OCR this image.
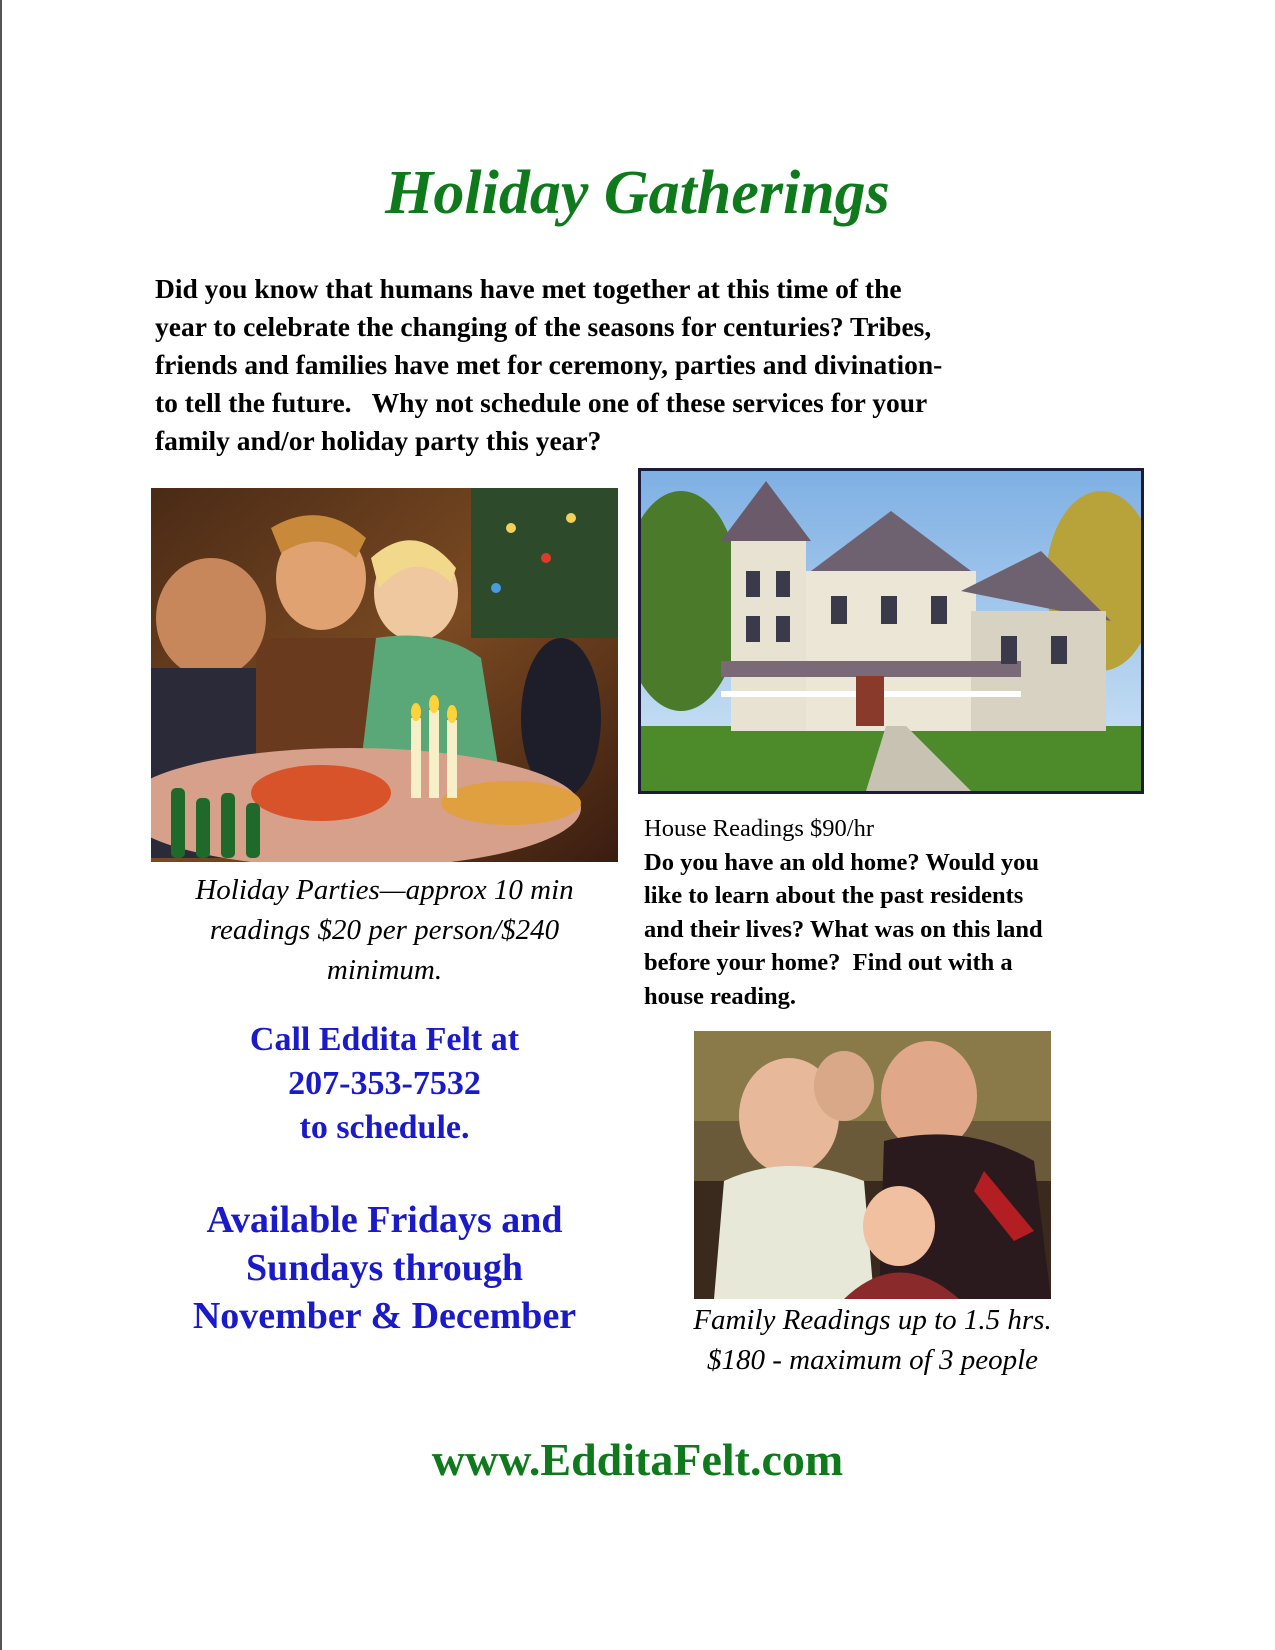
Holiday Gatherings
Did you know that humans have met together at this time of the
year to celebrate the changing of the seasons for centuries? Tribes,
friends and families have met for ceremony, parties and divination-
to tell the future.   Why not schedule one of these services for your
family and/or holiday party this year?
Holiday Parties—approx 10 min
readings $20 per person/$240
minimum.
House Readings $90/hr
Do you have an old home? Would you
like to learn about the past residents
and their lives? What was on this land
before your home?  Find out with a
house reading.
Call Eddita Felt at
207-353-7532
to schedule.
Available Fridays and
Sundays through
November & December	Family Readings up to 1.5 hrs.
$180 - maximum of 3 people
www.EdditaFelt.com
